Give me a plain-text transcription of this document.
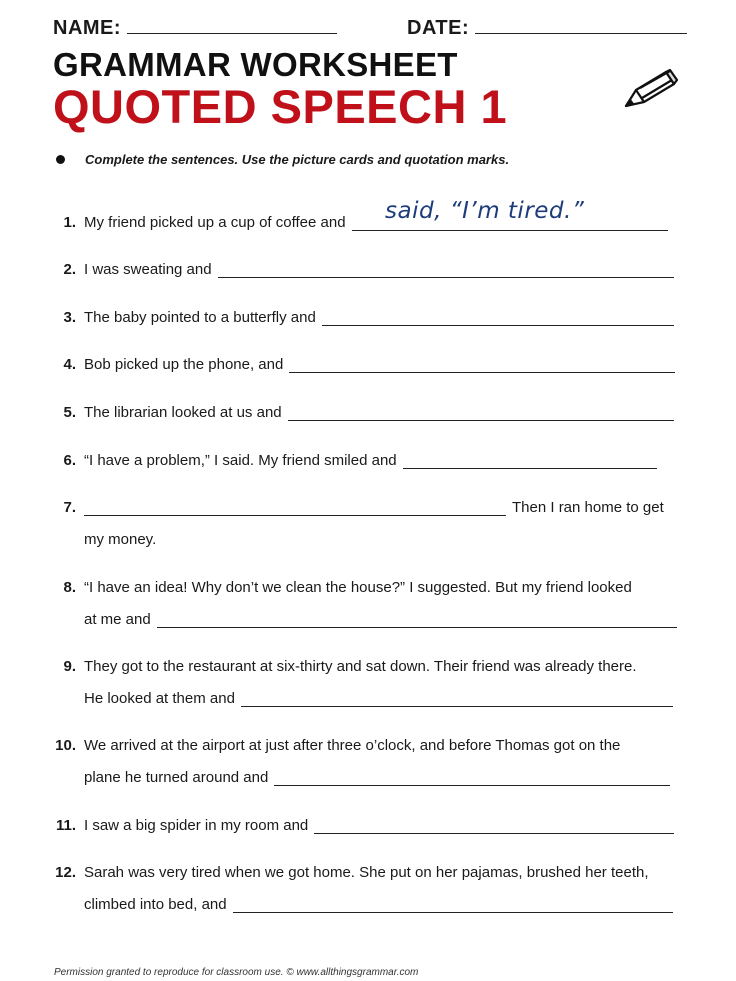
NAME:	DATE:
GRAMMAR WORKSHEET
QUOTED SPEECH 1
Complete the sentences. Use the picture cards and quotation marks.
1. My friend picked up a cup of coffee and said, “I’m tired.”
2. I was sweating and
3. The baby pointed to a butterfly and
4. Bob picked up the phone, and
5. The librarian looked at us and
6. “I have a problem,” I said. My friend smiled and
7.	Then I ran home to get
my money.
8. “I have an idea! Why don’t we clean the house?” I suggested. But my friend looked
at me and
9. They got to the restaurant at six-thirty and sat down. Their friend was already there.
He looked at them and
10. We arrived at the airport at just after three o’clock, and before Thomas got on the
plane he turned around and
11. I saw a big spider in my room and
12. Sarah was very tired when we got home. She put on her pajamas, brushed her teeth,
climbed into bed, and
Permission granted to reproduce for classroom use. © www.allthingsgrammar.com
